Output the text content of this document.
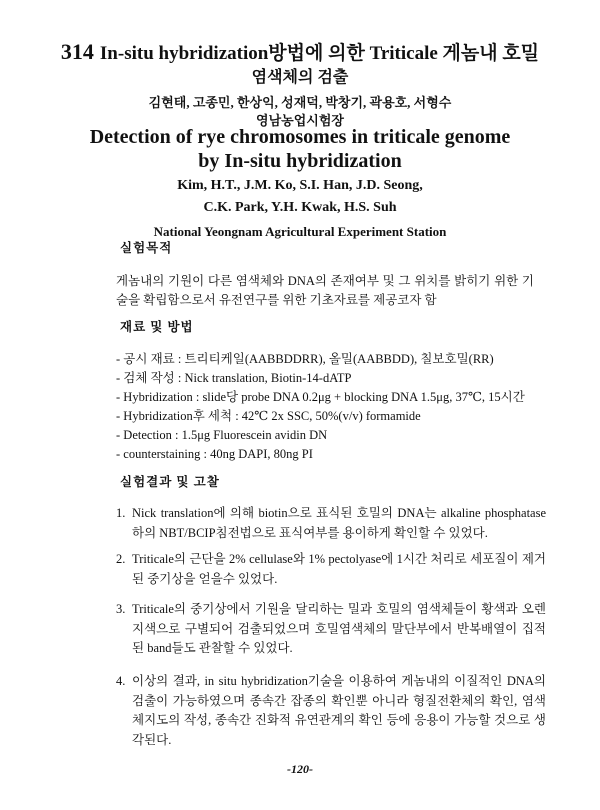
314 In-situ hybridization방법에 의한 Triticale 게놈내 호밀
염색체의 검출
김현태, 고종민, 한상익, 성재덕, 박창기, 곽용호, 서형수
영남농업시험장
Detection of rye chromosomes in triticale genome
by In-situ hybridization
Kim, H.T., J.M. Ko, S.I. Han, J.D. Seong,
C.K. Park, Y.H. Kwak, H.S. Suh
National Yeongnam Agricultural Experiment Station
실험목적
게놈내의 기원이 다른 염색체와 DNA의 존재여부 및 그 위치를 밝히기 위한 기술을 확립함으로서 유전연구를 위한 기초자료를 제공코자 함
재료 및 방법
- 공시 재료 : 트리티케일(AABBDDRR), 올밀(AABBDD), 칠보호밀(RR)
- 검체 작성 : Nick translation, Biotin-14-dATP
- Hybridization : slide당 probe DNA 0.2μg + blocking DNA 1.5μg, 37℃, 15시간
- Hybridization후 세척 : 42℃ 2x SSC, 50%(v/v) formamide
- Detection : 1.5μg Fluorescein avidin DN
- counterstaining : 40ng DAPI, 80ng PI
실험결과 및 고찰
1. Nick translation에 의해 biotin으로 표식된 호밀의 DNA는 alkaline phosphatase 하의 NBT/BCIP침전법으로 표식여부를 용이하게 확인할 수 있었다.
2. Triticale의 근단을 2% cellulase와 1% pectolyase에 1시간 처리로 세포질이 제거된 중기상을 얻을수 있었다.
3. Triticale의 중기상에서 기원을 달리하는 밀과 호밀의 염색체들이 황색과 오렌지색으로 구별되어 검출되었으며 호밀염색체의 말단부에서 반복배열이 집적된 band들도 관찰할 수 있었다.
4. 이상의 결과, in situ hybridization기술을 이용하여 게놈내의 이질적인 DNA의 검출이 가능하였으며 종속간 잡종의 확인뿐 아니라 형질전환체의 확인, 염색체지도의 작성, 종속간 진화적 유연관계의 확인 등에 응용이 가능할 것으로 생각된다.
-120-
